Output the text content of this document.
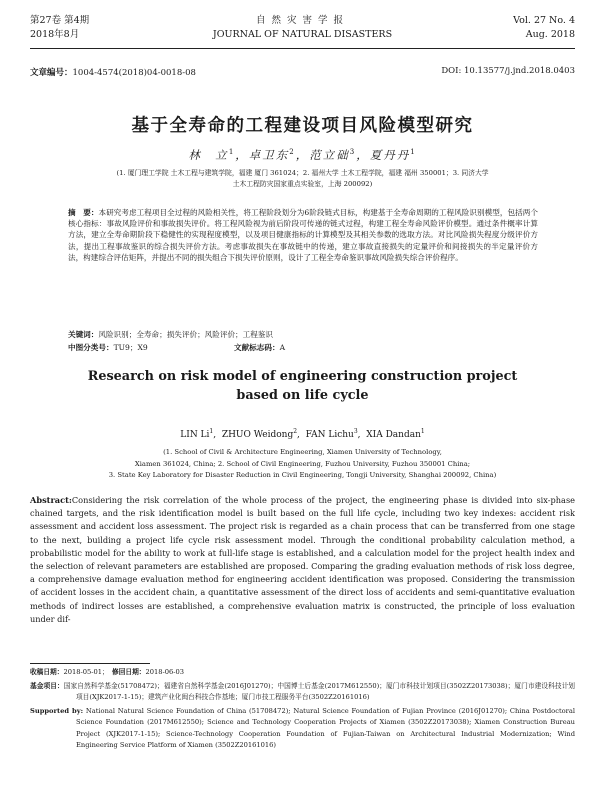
第27卷 第4期
2018年8月
自然灾害学报
JOURNAL OF NATURAL DISASTERS
Vol. 27 No. 4
Aug. 2018
文章编号：1004-4574(2018)04-0018-08	DOI: 10.13577/j.jnd.2018.0403
基于全寿命的工程建设项目风险模型研究
林　立$^1$，卓卫东$^2$，范立础$^3$，夏丹丹$^1$
(1. 厦门理工学院 土木工程与建筑学院，福建 厦门 361024；2. 福州大学 土木工程学院，福建 福州 350001；3. 同济大学 土木工程防灾国家重点实验室，上海 200092)
摘　要：本研究考虑工程项目全过程的风险相关性，将工程阶段划分为6阶段链式目标，构建基于全寿命周期的工程风险识别模型，包括两个核心指标：事故风险评价和事故损失评价。将工程风险视为前后阶段可传递的链式过程，构建工程全寿命风险评价模型。通过条件概率计算方法，建立全寿命期阶段下稳健性的实现程度模型，以及项目健康指标的计算模型及其相关参数的选取方法。对比风险损失程度分级评价方法，提出工程事故鉴识的综合损失评价方法。考虑事故损失在事故链中的传递，建立事故直接损失的定量评价和间接损失的半定量评价方法，构建综合评估矩阵，并提出不同的损失组合下损失评价原则，设计了工程全寿命鉴识事故风险损失综合评价程序。
关键词：风险识别；全寿命；损失评价；风险评价；工程鉴识
中图分类号：TU9；X9	文献标志码：A
Research on risk model of engineering construction project
based on life cycle
LIN Li$^1$,  ZHUO Weidong$^2$,  FAN Lichu$^3$,  XIA Dandan$^1$
(1. School of Civil & Architecture Engineering, Xiamen University of Technology,
Xiamen 361024, China; 2. School of Civil Engineering, Fuzhou University, Fuzhou 350001 China;
3. State Key Laboratory for Disaster Reduction in Civil Engineering, Tongji University, Shanghai 200092, China)
Abstract:Considering the risk correlation of the whole process of the project, the engineering phase is divided into six-phase chained targets, and the risk identification model is built based on the full life cycle, including two key indexes: accident risk assessment and accident loss assessment. The project risk is regarded as a chain process that can be transferred from one stage to the next, building a project life cycle risk assessment model. Through the conditional probability calculation method, a probabilistic model for the ability to work at full-life stage is established, and a calculation model for the project health index and the selection of relevant parameters are established are proposed. Comparing the grading evaluation methods of risk loss degree, a comprehensive damage evaluation method for engineering accident identification was proposed. Considering the transmission of accident losses in the accident chain, a quantitative assessment of the direct loss of accidents and semi-quantitative evaluation methods of indirect losses are established, a comprehensive evaluation matrix is constructed, the principle of loss evaluation under dif-

收稿日期：2018-05-01；　 修回日期：2018-06-03

基金项目：国家自然科学基金(51708472)；福建省自然科学基金(2016J01270)；中国博士后基金(2017M612550)；厦门市科技计划项目(3502Z20173038)；厦门市建设科技计划项目(XJK2017-1-15)；建筑产业化闽台科技合作基地；厦门市技工程服务平台(3502Z20161016)

Supported by: National Natural Science Foundation of China (51708472); Natural Science Foundation of Fujian Province (2016J01270); China Postdoctoral Science Foundation (2017M612550); Science and Technology Cooperation Projects of Xiamen (3502Z20173038); Xiamen Construction Bureau Project (XJK2017-1-15); Science-Technology Cooperation Foundation of Fujian-Taiwan on Architectural Industrial Modernization; Wind Engineering Service Platform of Xiamen (3502Z20161016)
